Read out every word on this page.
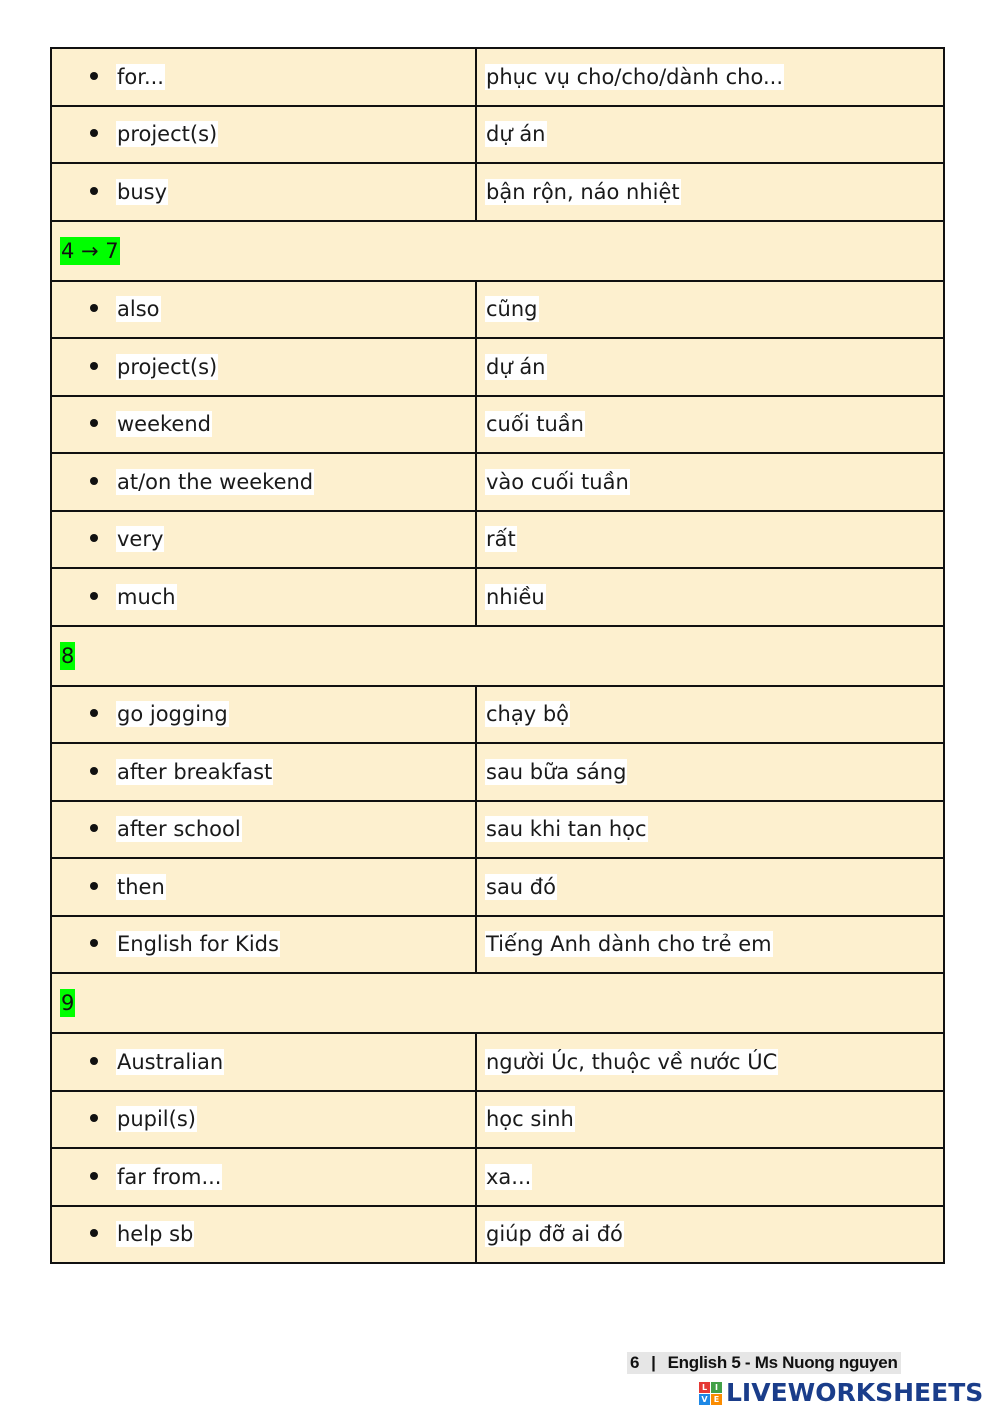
for...	phục vụ cho/cho/dành cho...
project(s)	dự án
busy	bận rộn, náo nhiệt
4 → 7	
also	cũng
project(s)	dự án
weekend	cuối tuần
at/on the weekend	vào cuối tuần
very	rất
much	nhiều
8	
go jogging	chạy bộ
after breakfast	sau bữa sáng
after school	sau khi tan học
then	sau đó
English for Kids	Tiếng Anh dành cho trẻ em
9	
Australian	người Úc, thuộc về nước ÚC
pupil(s)	học sinh
far from...	xa...
help sb	giúp đỡ ai đó
6 | English 5 - Ms Nuong nguyen
L I
V E LIVEWORKSHEETS
